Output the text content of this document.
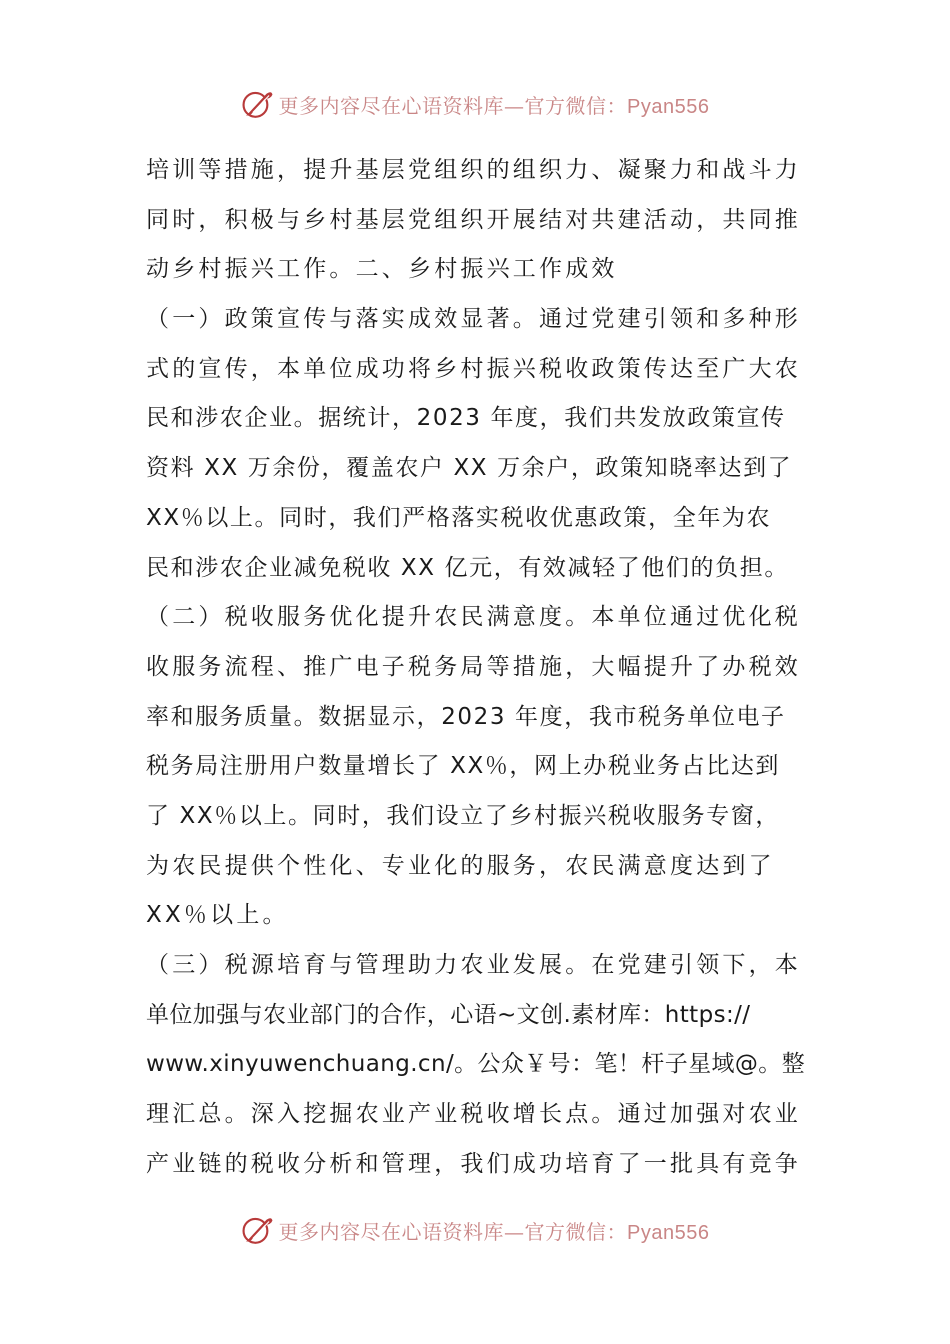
更多内容尽在心语资料库—官方微信：Pyan556
培训等措施，提升基层党组织的组织力、凝聚力和战斗力
同时，积极与乡村基层党组织开展结对共建活动，共同推
动乡村振兴工作。二、乡村振兴工作成效
（一）政策宣传与落实成效显著。通过党建引领和多种形
式的宣传，本单位成功将乡村振兴税收政策传达至广大农
民和涉农企业。据统计，2023 年度，我们共发放政策宣传
资料 XX 万余份，覆盖农户 XX 万余户，政策知晓率达到了
XX％以上。同时，我们严格落实税收优惠政策，全年为农
民和涉农企业减免税收 XX 亿元，有效减轻了他们的负担。
（二）税收服务优化提升农民满意度。本单位通过优化税
收服务流程、推广电子税务局等措施，大幅提升了办税效
率和服务质量。数据显示，2023 年度，我市税务单位电子
税务局注册用户数量增长了 XX％，网上办税业务占比达到
了 XX％以上。同时，我们设立了乡村振兴税收服务专窗，
为农民提供个性化、专业化的服务，农民满意度达到了
XX％以上。
（三）税源培育与管理助力农业发展。在党建引领下，本
单位加强与农业部门的合作，心语~文创.素材库：https://
www.xinyuwenchuang.cn/。公众￥号：笔！杆子星域@。整
理汇总。深入挖掘农业产业税收增长点。通过加强对农业
产业链的税收分析和管理，我们成功培育了一批具有竞争
更多内容尽在心语资料库—官方微信：Pyan556
